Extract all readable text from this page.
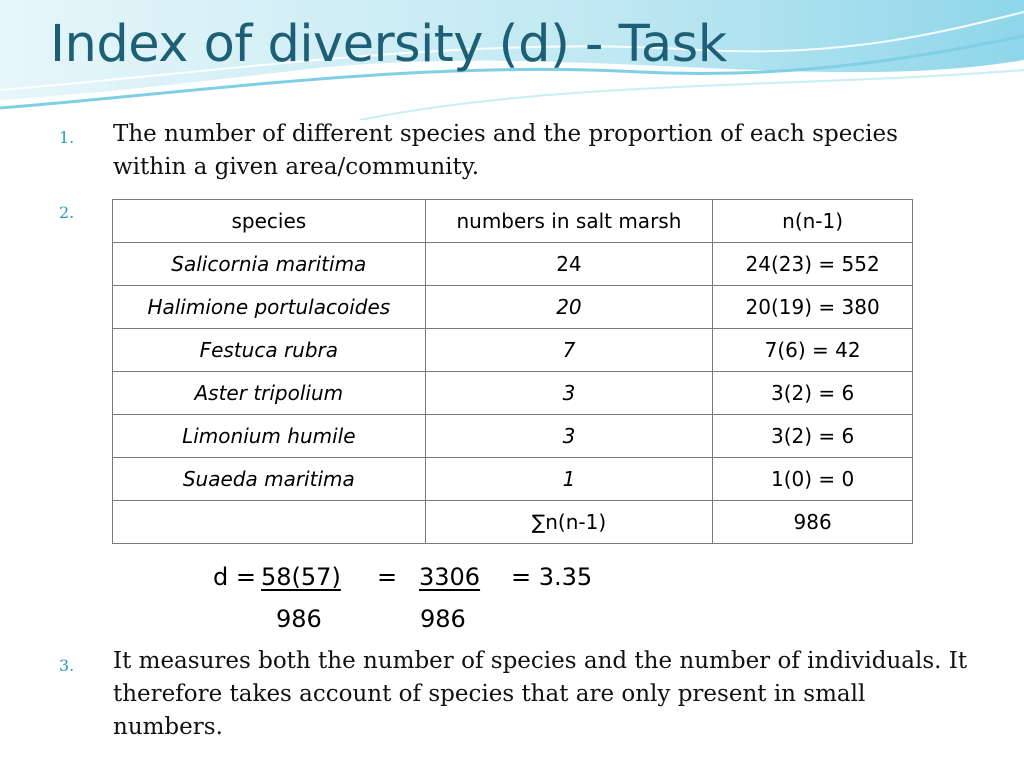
Index of diversity (d) - Task
1. The number of different species and the proportion of each species within a given area/community.

2.	species	numbers in salt marsh	n(n-1)
Salicornia maritima	24	24(23) = 552
Halimione portulacoides	20	20(19) = 380
Festuca rubra	7	7(6) = 42
Aster tripolium	3	3(2) = 6
Limonium humile	3	3(2) = 6
Suaeda maritima	1	1(0) = 0
	∑n(n-1)	986
d = 58(57) = 3306 = 3.35
986	986
3. It measures both the number of species and the number of individuals. It therefore takes account of species that are only present in small numbers.
